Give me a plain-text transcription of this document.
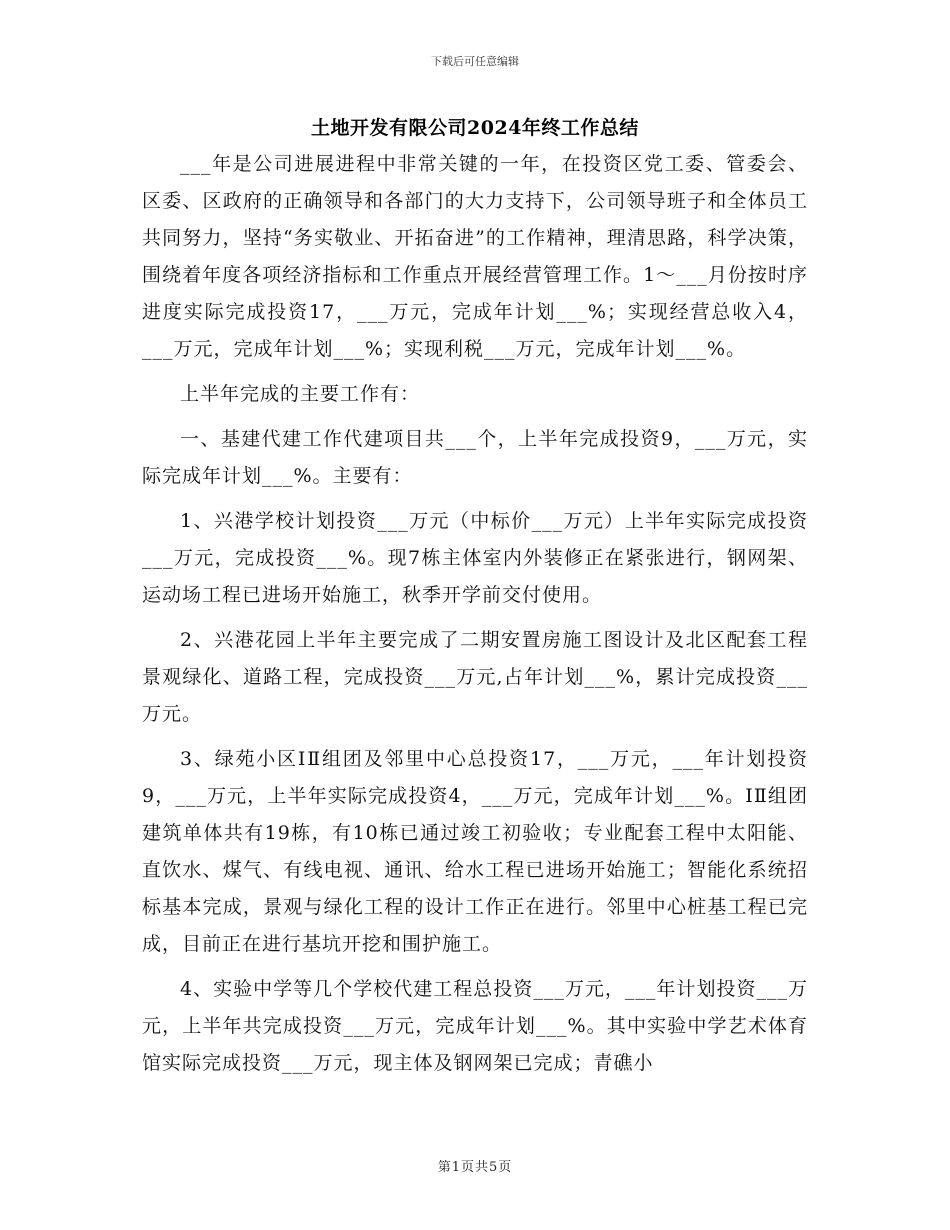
下载后可任意编辑
土地开发有限公司2024年终工作总结

___年是公司进展进程中非常关键的一年，在投资区党工委、管委会、区委、区政府的正确领导和各部门的大力支持下，公司领导班子和全体员工共同努力，坚持“务实敬业、开拓奋进”的工作精神，理清思路，科学决策，围绕着年度各项经济指标和工作重点开展经营管理工作。1～___月份按时序进度实际完成投资17，___万元，完成年计划___%；实现经营总收入4，___万元，完成年计划___%；实现利税___万元，完成年计划___%。

上半年完成的主要工作有：

一、基建代建工作代建项目共___个，上半年完成投资9，___万元，实际完成年计划___%。主要有：

1、兴港学校计划投资___万元（中标价___万元）上半年实际完成投资___万元，完成投资___%。现7栋主体室内外装修正在紧张进行，钢网架、运动场工程已进场开始施工，秋季开学前交付使用。

2、兴港花园上半年主要完成了二期安置房施工图设计及北区配套工程景观绿化、道路工程，完成投资___万元,占年计划___%，累计完成投资___万元。

3、绿苑小区ⅠⅡ组团及邻里中心总投资17，___万元，___年计划投资9，___万元，上半年实际完成投资4，___万元，完成年计划___%。ⅠⅡ组团建筑单体共有19栋，有10栋已通过竣工初验收；专业配套工程中太阳能、直饮水、煤气、有线电视、通讯、给水工程已进场开始施工；智能化系统招标基本完成，景观与绿化工程的设计工作正在进行。邻里中心桩基工程已完成，目前正在进行基坑开挖和围护施工。

4、实验中学等几个学校代建工程总投资___万元，___年计划投资___万元，上半年共完成投资___万元，完成年计划___%。其中实验中学艺术体育馆实际完成投资___万元，现主体及钢网架已完成；青礁小

第1页共5页
